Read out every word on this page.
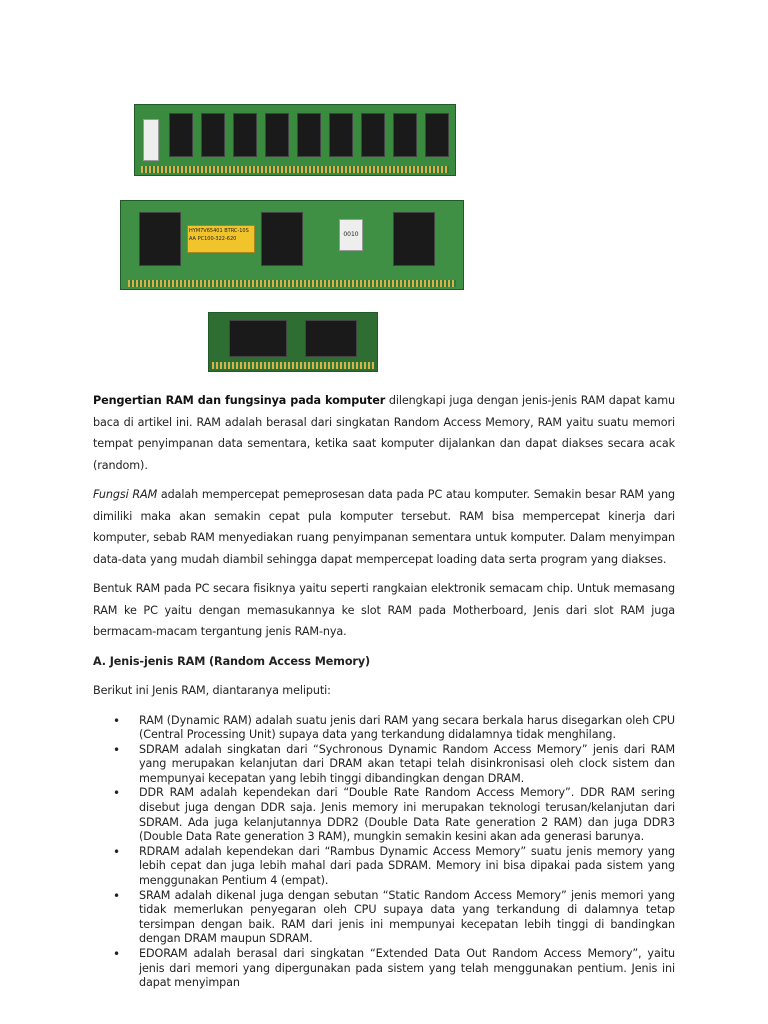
HYM7V65401 BTRC-10S AA PC100-322-620
0010

Pengertian RAM dan fungsinya pada komputer dilengkapi juga dengan jenis-jenis RAM dapat kamu baca di artikel ini. RAM adalah berasal dari singkatan Random Access Memory, RAM yaitu suatu memori tempat penyimpanan data sementara, ketika saat komputer dijalankan dan dapat diakses secara acak (random).

Fungsi RAM adalah mempercepat pemeprosesan data pada PC atau komputer. Semakin besar RAM yang dimiliki maka akan semakin cepat pula komputer tersebut. RAM bisa mempercepat kinerja dari komputer, sebab RAM menyediakan ruang penyimpanan sementara untuk komputer. Dalam menyimpan data-data yang mudah diambil sehingga dapat mempercepat loading data serta program yang diakses.

Bentuk RAM pada PC secara fisiknya yaitu seperti rangkaian elektronik semacam chip. Untuk memasang RAM ke PC yaitu dengan memasukannya ke slot RAM pada Motherboard, Jenis dari slot RAM juga bermacam-macam tergantung jenis RAM-nya.

A. Jenis-jenis RAM (Random Access Memory)

Berikut ini Jenis RAM, diantaranya meliputi:

• RAM (Dynamic RAM) adalah suatu jenis dari RAM yang secara berkala harus disegarkan oleh CPU (Central Processing Unit) supaya data yang terkandung didalamnya tidak menghilang.
• SDRAM adalah singkatan dari “Sychronous Dynamic Random Access Memory” jenis dari RAM yang merupakan kelanjutan dari DRAM akan tetapi telah disinkronisasi oleh clock sistem dan mempunyai kecepatan yang lebih tinggi dibandingkan dengan DRAM.
• DDR RAM adalah kependekan dari “Double Rate Random Access Memory”. DDR RAM sering disebut juga dengan DDR saja. Jenis memory ini merupakan teknologi terusan/kelanjutan dari SDRAM. Ada juga kelanjutannya DDR2 (Double Data Rate generation 2 RAM) dan juga DDR3 (Double Data Rate generation 3 RAM), mungkin semakin kesini akan ada generasi barunya.
• RDRAM adalah kependekan dari “Rambus Dynamic Access Memory” suatu jenis memory yang lebih cepat dan juga lebih mahal dari pada SDRAM. Memory ini bisa dipakai pada sistem yang menggunakan Pentium 4 (empat).
• SRAM adalah dikenal juga dengan sebutan “Static Random Access Memory” jenis memori yang tidak memerlukan penyegaran oleh CPU supaya data yang terkandung di dalamnya tetap tersimpan dengan baik. RAM dari jenis ini mempunyai kecepatan lebih tinggi di bandingkan dengan DRAM maupun SDRAM.
• EDORAM adalah berasal dari singkatan “Extended Data Out Random Access Memory”, yaitu jenis dari memori yang dipergunakan pada sistem yang telah menggunakan pentium. Jenis ini dapat menyimpan
